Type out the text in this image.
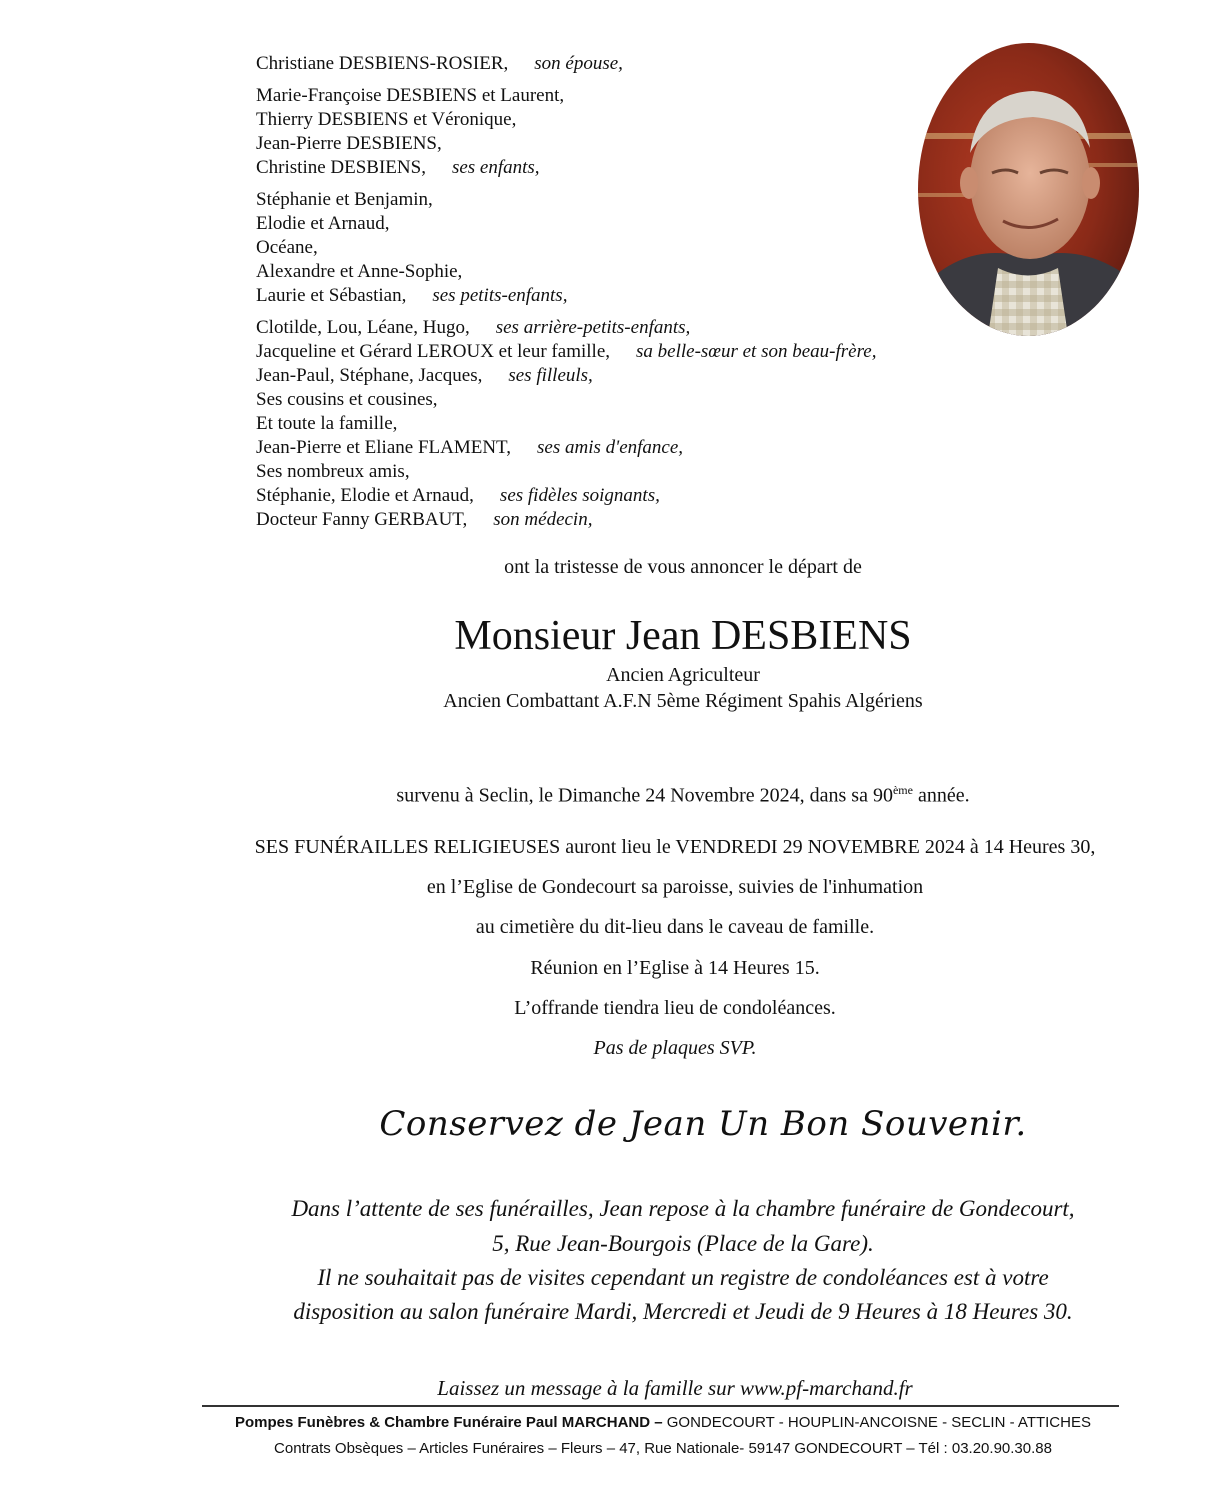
Christiane DESBIENS-ROSIER, son épouse,
Marie-Françoise DESBIENS et Laurent,
Thierry DESBIENS et Véronique,
Jean-Pierre DESBIENS,
Christine DESBIENS, ses enfants,
Stéphanie et Benjamin,
Elodie et Arnaud,
Océane,
Alexandre et Anne-Sophie,
Laurie et Sébastian, ses petits-enfants,
Clotilde, Lou, Léane, Hugo, ses arrière-petits-enfants,
Jacqueline et Gérard LEROUX et leur famille, sa belle-sœur et son beau-frère,
Jean-Paul, Stéphane, Jacques, ses filleuls,
Ses cousins et cousines,
Et toute la famille,
Jean-Pierre et Eliane FLAMENT, ses amis d'enfance,
Ses nombreux amis,
Stéphanie, Elodie et Arnaud, ses fidèles soignants,
Docteur Fanny GERBAUT, son médecin,
ont la tristesse de vous annoncer le départ de
Monsieur Jean DESBIENS
Ancien Agriculteur
Ancien Combattant A.F.N 5ème Régiment Spahis Algériens
survenu à Seclin, le Dimanche 24 Novembre 2024, dans sa 90ème année.
SES FUNÉRAILLES RELIGIEUSES auront lieu le VENDREDI 29 NOVEMBRE 2024 à 14 Heures 30,
en l’Eglise de Gondecourt sa paroisse, suivies de l'inhumation
au cimetière du dit-lieu dans le caveau de famille.
Réunion en l’Eglise à 14 Heures 15.
L’offrande tiendra lieu de condoléances.
Pas de plaques SVP.
Conservez de Jean Un Bon Souvenir.
Dans l’attente de ses funérailles, Jean repose à la chambre funéraire de Gondecourt,
5, Rue Jean-Bourgois (Place de la Gare).
Il ne souhaitait pas de visites cependant un registre de condoléances est à votre
disposition au salon funéraire Mardi, Mercredi et Jeudi de 9 Heures à 18 Heures 30.
Laissez un message à la famille sur www.pf-marchand.fr
Pompes Funèbres & Chambre Funéraire Paul MARCHAND – GONDECOURT - HOUPLIN-ANCOISNE - SECLIN - ATTICHES
Contrats Obsèques – Articles Funéraires – Fleurs – 47, Rue Nationale- 59147 GONDECOURT – Tél : 03.20.90.30.88
